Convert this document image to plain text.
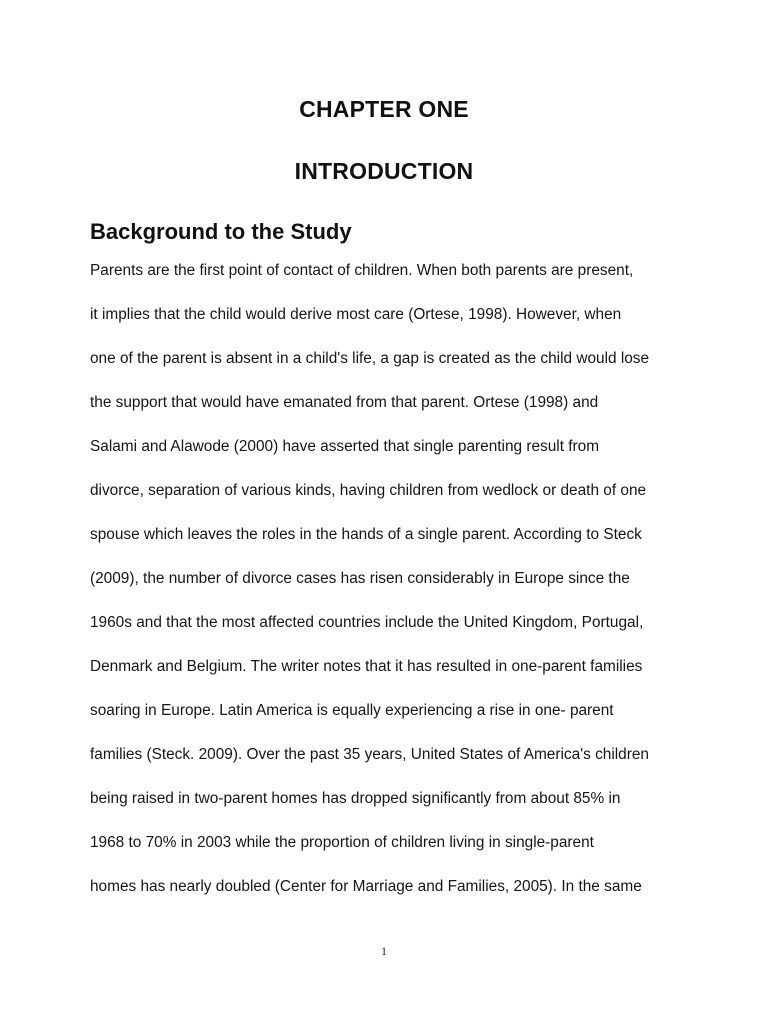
CHAPTER ONE
INTRODUCTION
Background to the Study
Parents are the first point of contact of children. When both parents are present,
it implies that the child would derive most care (Ortese, 1998). However, when
one of the parent is absent in a child's life, a gap is created as the child would lose
the support that would have emanated from that parent. Ortese (1998) and
Salami and Alawode (2000) have asserted that single parenting result from
divorce, separation of various kinds, having children from wedlock or death of one
spouse which leaves the roles in the hands of a single parent. According to Steck
(2009), the number of divorce cases has risen considerably in Europe since the
1960s and that the most affected countries include the United Kingdom, Portugal,
Denmark and Belgium. The writer notes that it has resulted in one-parent families
soaring in Europe. Latin America is equally experiencing a rise in one- parent
families (Steck. 2009). Over the past 35 years, United States of America's children
being raised in two-parent homes has dropped significantly from about 85% in
1968 to 70% in 2003 while the proportion of children living in single-parent
homes has nearly doubled (Center for Marriage and Families, 2005). In the same
1
